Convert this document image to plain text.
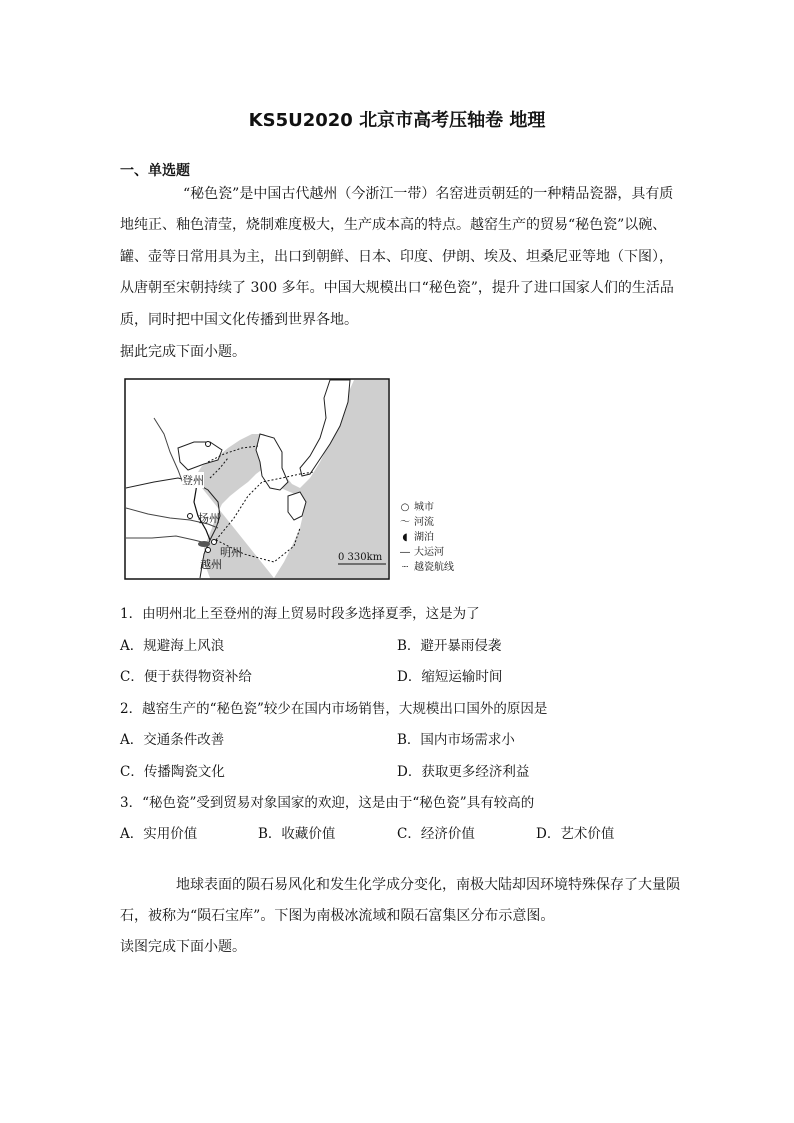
KS5U2020 北京市高考压轴卷 地理
一、单选题
“秘色瓷”是中国古代越州（今浙江一带）名窑进贡朝廷的一种精品瓷器，具有质
地纯正、釉色清莹，烧制难度极大，生产成本高的特点。越窑生产的贸易“秘色瓷”以碗、
罐、壶等日常用具为主，出口到朝鲜、日本、印度、伊朗、埃及、坦桑尼亚等地（下图），
从唐朝至宋朝持续了 300 多年。中国大规模出口“秘色瓷”，提升了进口国家人们的生活品
质，同时把中国文化传播到世界各地。
据此完成下面小题。
登州
扬州
明州
越州
0 330km
○ 城市
〜 河流
◖ 湖泊
― 大运河
┈ 越瓷航线
1．由明州北上至登州的海上贸易时段多选择夏季，这是为了
A．规避海上风浪	B．避开暴雨侵袭
C．便于获得物资补给	D．缩短运输时间
2．越窑生产的“秘色瓷”较少在国内市场销售，大规模出口国外的原因是
A．交通条件改善	B．国内市场需求小
C．传播陶瓷文化	D．获取更多经济利益
3．“秘色瓷”受到贸易对象国家的欢迎，这是由于“秘色瓷”具有较高的
A．实用价值	B．收藏价值	C．经济价值	D．艺术价值
地球表面的陨石易风化和发生化学成分变化，南极大陆却因环境特殊保存了大量陨
石，被称为“陨石宝库”。下图为南极冰流域和陨石富集区分布示意图。
读图完成下面小题。
